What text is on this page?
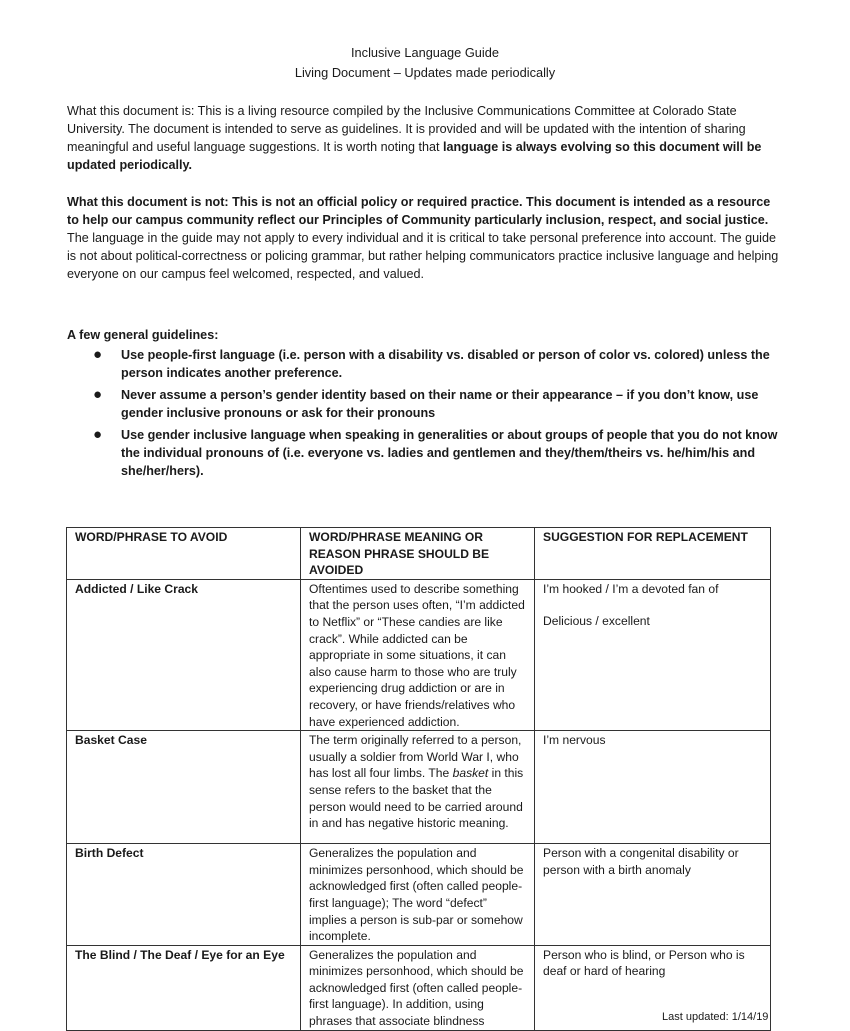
Inclusive Language Guide
Living Document – Updates made periodically
What this document is: This is a living resource compiled by the Inclusive Communications Committee at Colorado State University. The document is intended to serve as guidelines. It is provided and will be updated with the intention of sharing meaningful and useful language suggestions. It is worth noting that language is always evolving so this document will be updated periodically.
What this document is not: This is not an official policy or required practice. This document is intended as a resource to help our campus community reflect our Principles of Community particularly inclusion, respect, and social justice. The language in the guide may not apply to every individual and it is critical to take personal preference into account. The guide is not about political-correctness or policing grammar, but rather helping communicators practice inclusive language and helping everyone on our campus feel welcomed, respected, and valued.
A few general guidelines:
● Use people-first language (i.e. person with a disability vs. disabled or person of color vs. colored) unless the person indicates another preference.
● Never assume a person’s gender identity based on their name or their appearance – if you don’t know, use gender inclusive pronouns or ask for their pronouns
● Use gender inclusive language when speaking in generalities or about groups of people that you do not know the individual pronouns of (i.e. everyone vs. ladies and gentlemen and they/them/theirs vs. he/him/his and she/her/hers).
WORD/PHRASE TO AVOID	WORD/PHRASE MEANING OR REASON PHRASE SHOULD BE AVOIDED	SUGGESTION FOR REPLACEMENT
Addicted / Like Crack	Oftentimes used to describe something that the person uses often, “I’m addicted to Netflix” or “These candies are like crack”. While addicted can be appropriate in some situations, it can also cause harm to those who are truly experiencing drug addiction or are in recovery, or have friends/relatives who have experienced addiction.	I’m hooked / I’m a devoted fan of
Delicious / excellent

Basket Case	The term originally referred to a person, usually a soldier from World War I, who has lost all four limbs. The basket in this sense refers to the basket that the person would need to be carried around in and has negative historic meaning.	I’m nervous
Birth Defect	Generalizes the population and minimizes personhood, which should be acknowledged first (often called people-first language); The word “defect” implies a person is sub-par or somehow incomplete.	Person with a congenital disability or person with a birth anomaly
The Blind / The Deaf / Eye for an Eye	Generalizes the population and minimizes personhood, which should be acknowledged first (often called people-first language). In addition, using phrases that associate blindness	Person who is blind, or Person who is deaf or hard of hearing
Last updated: 1/14/19
